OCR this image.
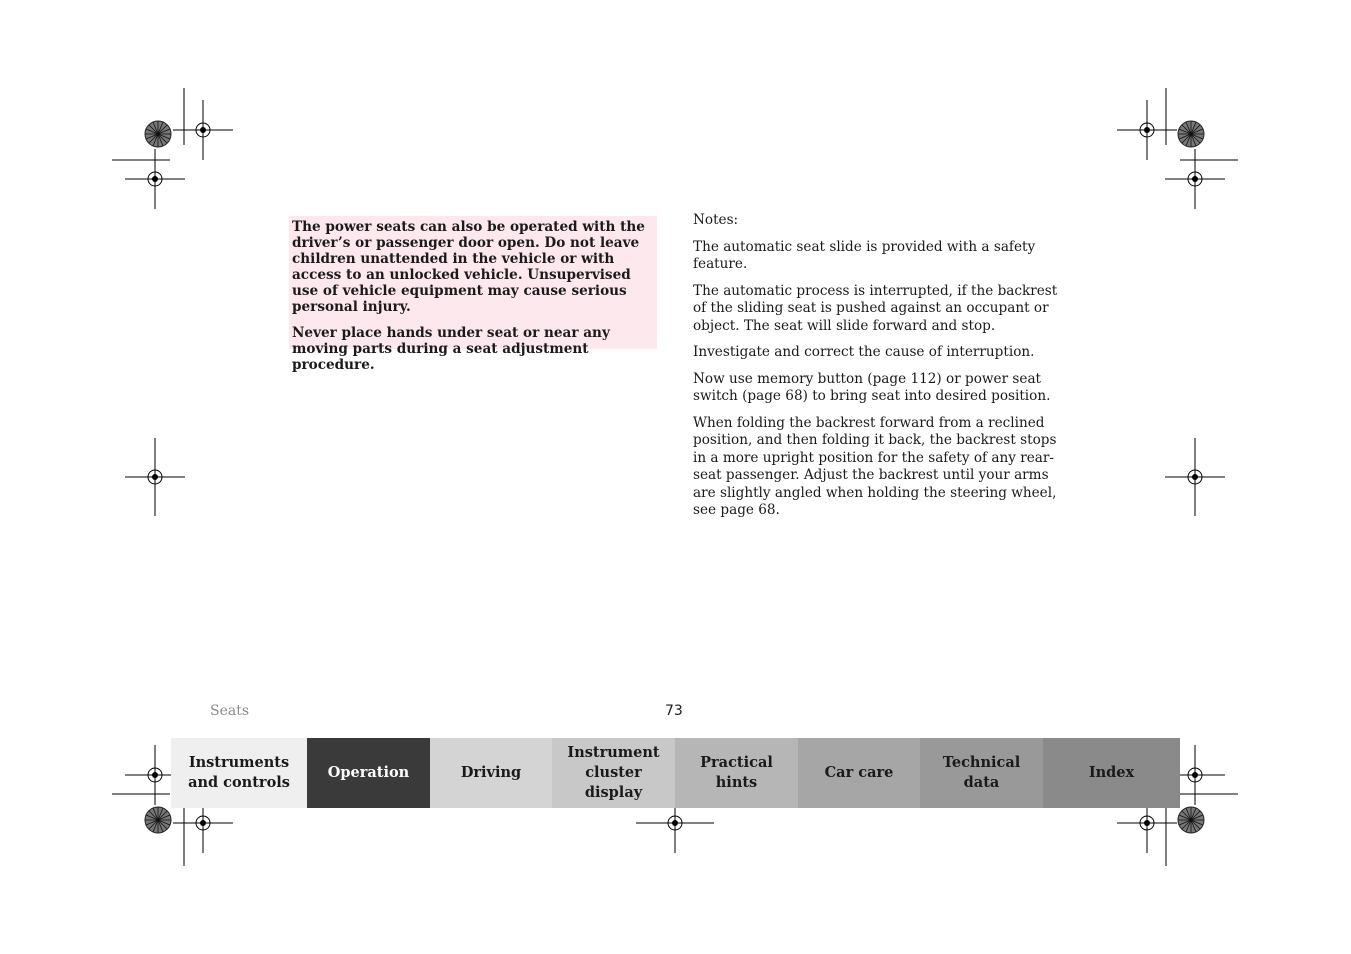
The power seats can also be operated with the driver’s or passenger door open. Do not leave children unattended in the vehicle or with access to an unlocked vehicle. Unsupervised use of vehicle equipment may cause serious personal injury.

Never place hands under seat or near any moving parts during a seat adjustment procedure.

Notes:

The automatic seat slide is provided with a safety feature.

The automatic process is interrupted, if the backrest of the sliding seat is pushed against an occupant or object. The seat will slide forward and stop.

Investigate and correct the cause of interruption.

Now use memory button (page 112) or power seat switch (page 68) to bring seat into desired position.

When folding the backrest forward from a reclined position, and then folding it back, the backrest stops in a more upright position for the safety of any rear-seat passenger. Adjust the backrest until your arms are slightly angled when holding the steering wheel, see page 68.

Seats	73
Instruments
and controls
Operation	Driving
Instrument
cluster display
Practical hints
Car care
Technical
data
Index
